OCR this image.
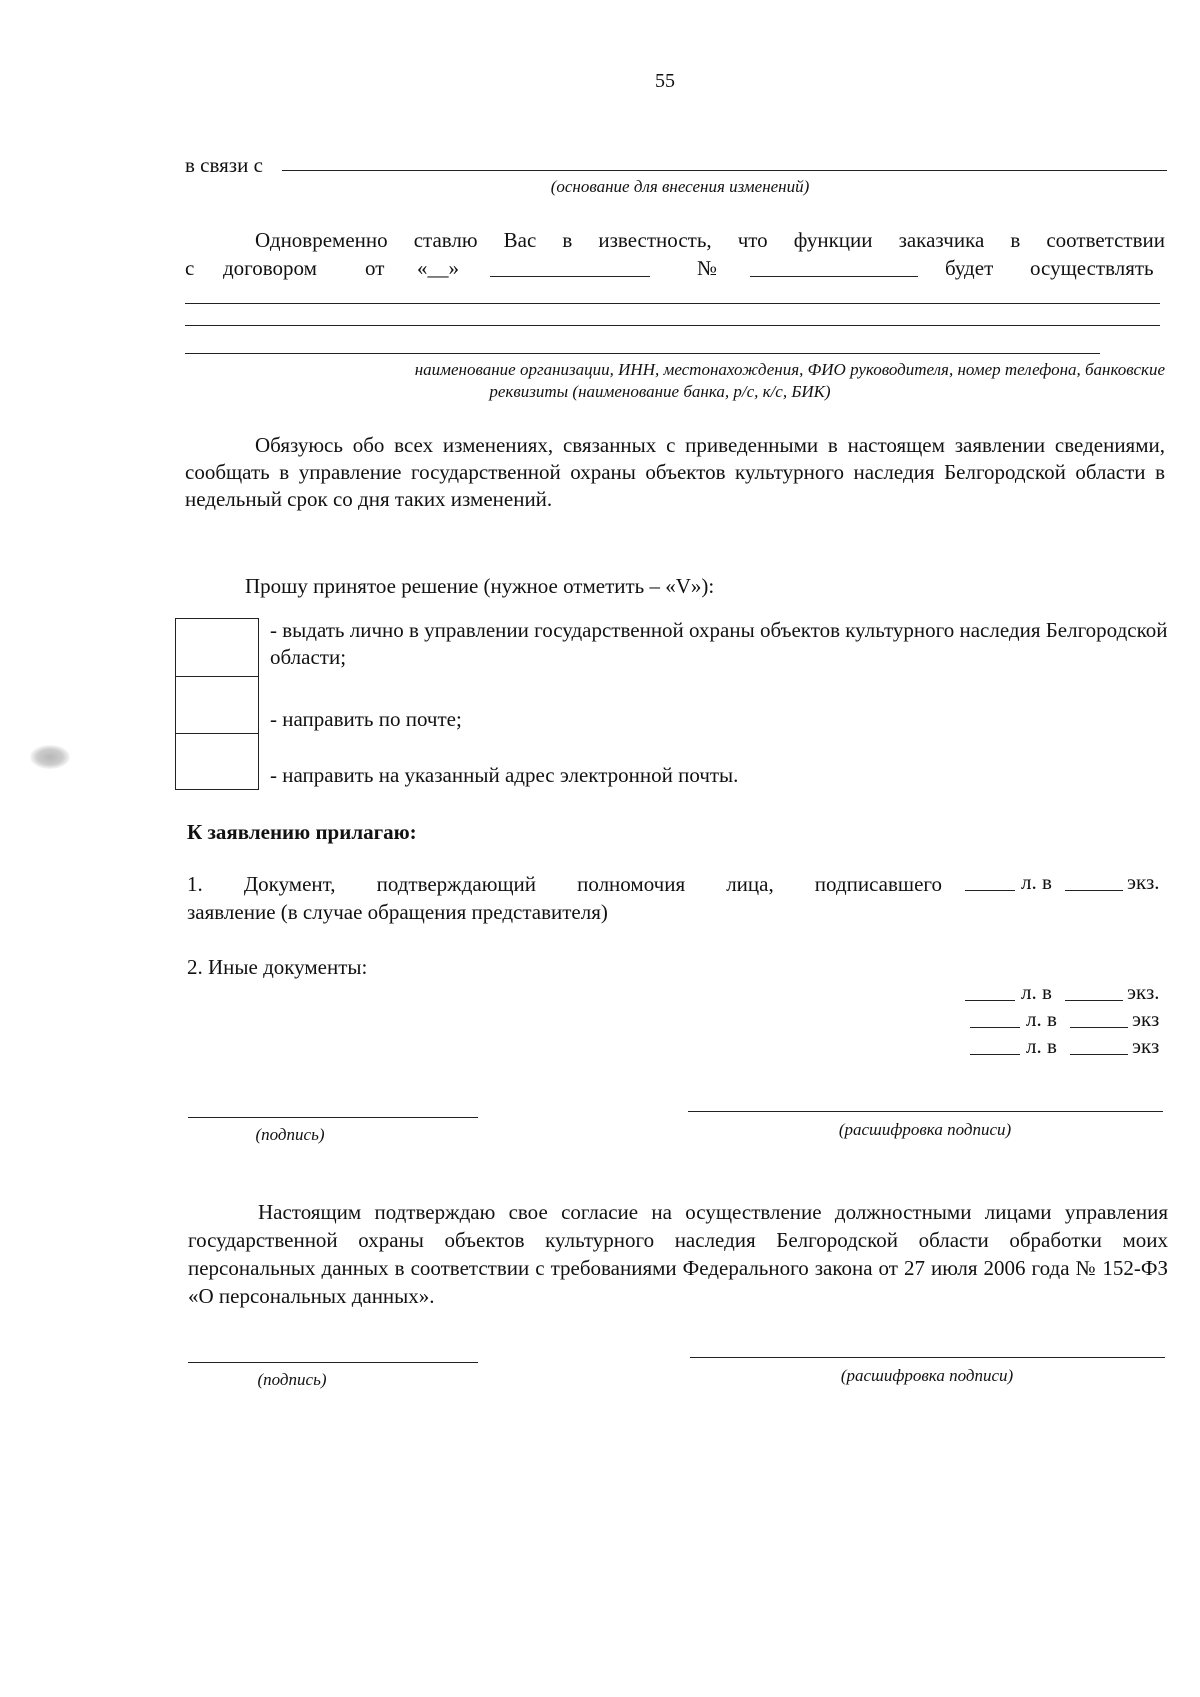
55
в связи с
(основание для внесения изменений)
Одновременно ставлю Вас в известность, что функции заказчика в соответствии
с договором от «__»	№	будет осуществлять
наименование организации, ИНН, местонахождения, ФИО руководителя, номер телефона, банковские
реквизиты (наименование банка, р/с, к/с, БИК)
Обязуюсь обо всех изменениях, связанных с приведенными в настоящем заявлении сведениями, сообщать в управление государственной охраны объектов культурного наследия Белгородской области в недельный срок со дня таких изменений.
Прошу принятое решение (нужное отметить – «V»):
- выдать лично в управлении государственной охраны объектов культурного наследия Белгородской области;
- направить по почте;
- направить на указанный адрес электронной почты.
К заявлению прилагаю:
1. Документ, подтверждающий полномочия лица, подписавшего
заявление (в случае обращения представителя)
л. в	экз.
2. Иные документы:
л. в	экз.
л. в	экз
л. в	экз
(подпись)	(расшифровка подписи)
Настоящим подтверждаю свое согласие на осуществление должностными лицами управления государственной охраны объектов культурного наследия Белгородской области обработки моих персональных данных в соответствии с требованиями Федерального закона от 27 июля 2006 года № 152-ФЗ «О персональных данных».
(подпись)	(расшифровка подписи)
